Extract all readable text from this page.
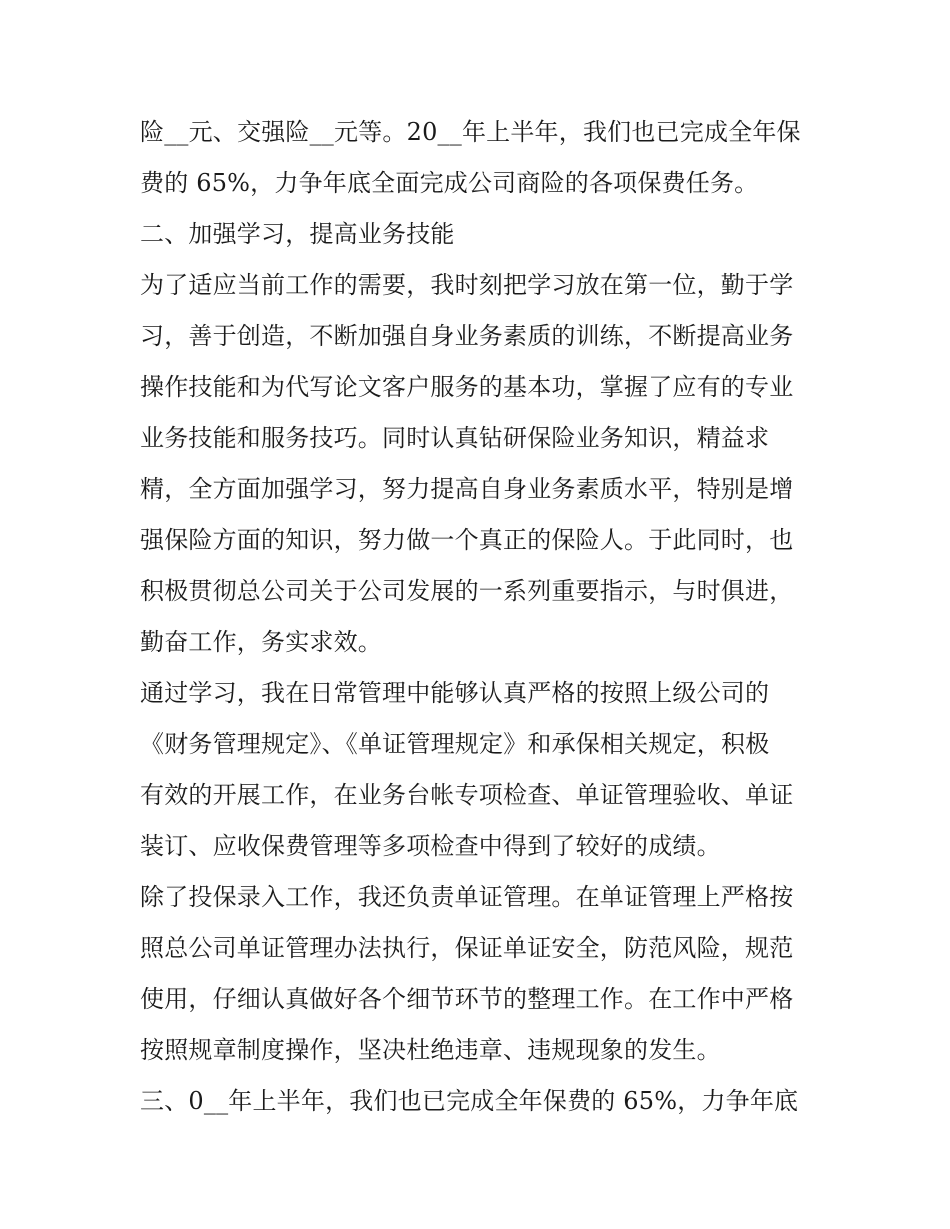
险__元、交强险__元等。20__年上半年，我们也已完成全年保
费的 65%，力争年底全面完成公司商险的各项保费任务。
二、加强学习，提高业务技能
为了适应当前工作的需要，我时刻把学习放在第一位，勤于学
习，善于创造，不断加强自身业务素质的训练，不断提高业务
操作技能和为代写论文客户服务的基本功，掌握了应有的专业
业务技能和服务技巧。同时认真钻研保险业务知识，精益求
精，全方面加强学习，努力提高自身业务素质水平，特别是增
强保险方面的知识，努力做一个真正的保险人。于此同时，也
积极贯彻总公司关于公司发展的一系列重要指示，与时俱进，
勤奋工作，务实求效。
通过学习，我在日常管理中能够认真严格的按照上级公司的
《财务管理规定》、《单证管理规定》和承保相关规定，积极
有效的开展工作，在业务台帐专项检查、单证管理验收、单证
装订、应收保费管理等多项检查中得到了较好的成绩。
除了投保录入工作，我还负责单证管理。在单证管理上严格按
照总公司单证管理办法执行，保证单证安全，防范风险，规范
使用，仔细认真做好各个细节环节的整理工作。在工作中严格
按照规章制度操作，坚决杜绝违章、违规现象的发生。
三、0__年上半年，我们也已完成全年保费的 65%，力争年底
